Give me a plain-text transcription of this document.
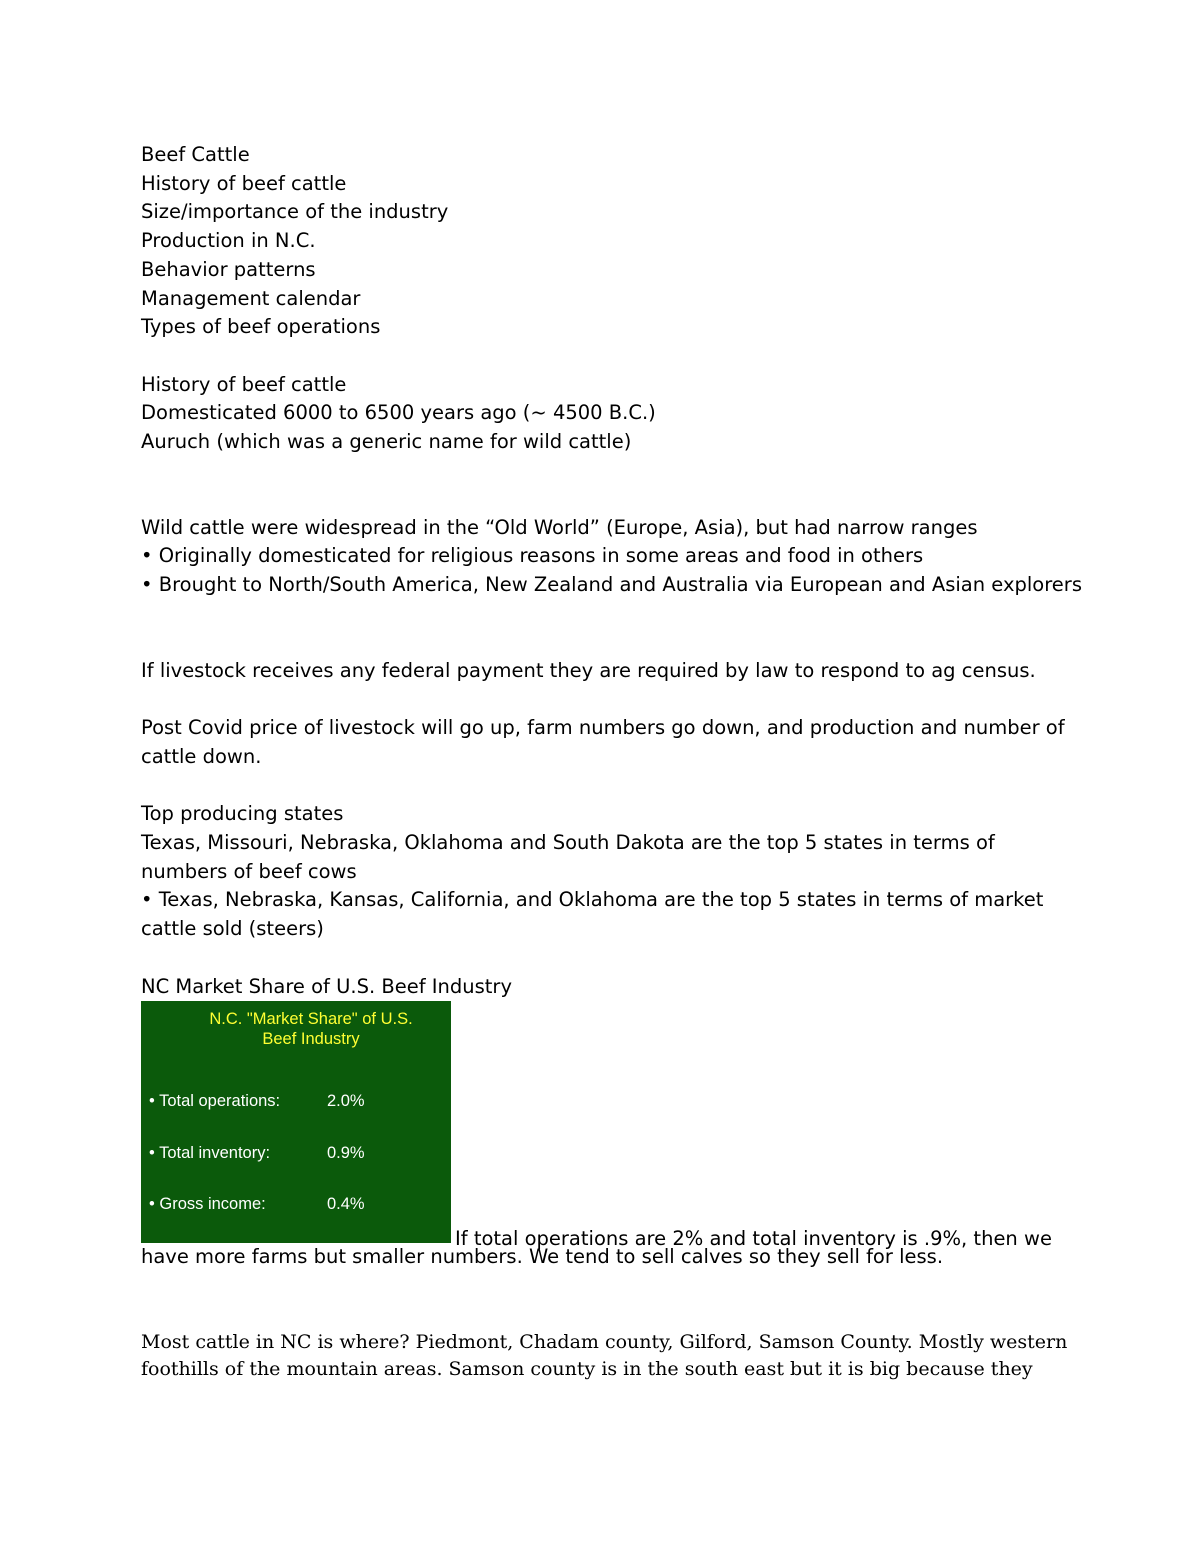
Beef Cattle
History of beef cattle
Size/importance of the industry
Production in N.C.
Behavior patterns
Management calendar
Types of beef operations
History of beef cattle
Domesticated 6000 to 6500 years ago (~ 4500 B.C.)
Auruch (which was a generic name for wild cattle)
Wild cattle were widespread in the “Old World” (Europe, Asia), but had narrow ranges
• Originally domesticated for religious reasons in some areas and food in others
• Brought to North/South America, New Zealand and Australia via European and Asian explorers
If livestock receives any federal payment they are required by law to respond to ag census.
Post Covid price of livestock will go up, farm numbers go down, and production and number of cattle down.
Top producing states
Texas, Missouri, Nebraska, Oklahoma and South Dakota are the top 5 states in terms of numbers of beef cows
• Texas, Nebraska, Kansas, California, and Oklahoma are the top 5 states in terms of market cattle sold (steers)
NC Market Share of U.S. Beef Industry
N.C. "Market Share" of U.S.
Beef Industry
• Total operations:	2.0%
• Total inventory:	0.9%
• Gross income:	0.4%
If total operations are 2% and total inventory is .9%, then we
have more farms but smaller numbers. We tend to sell calves so they sell for less.
Most cattle in NC is where? Piedmont, Chadam county, Gilford, Samson County. Mostly western
foothills of the mountain areas. Samson county is in the south east but it is big because they
